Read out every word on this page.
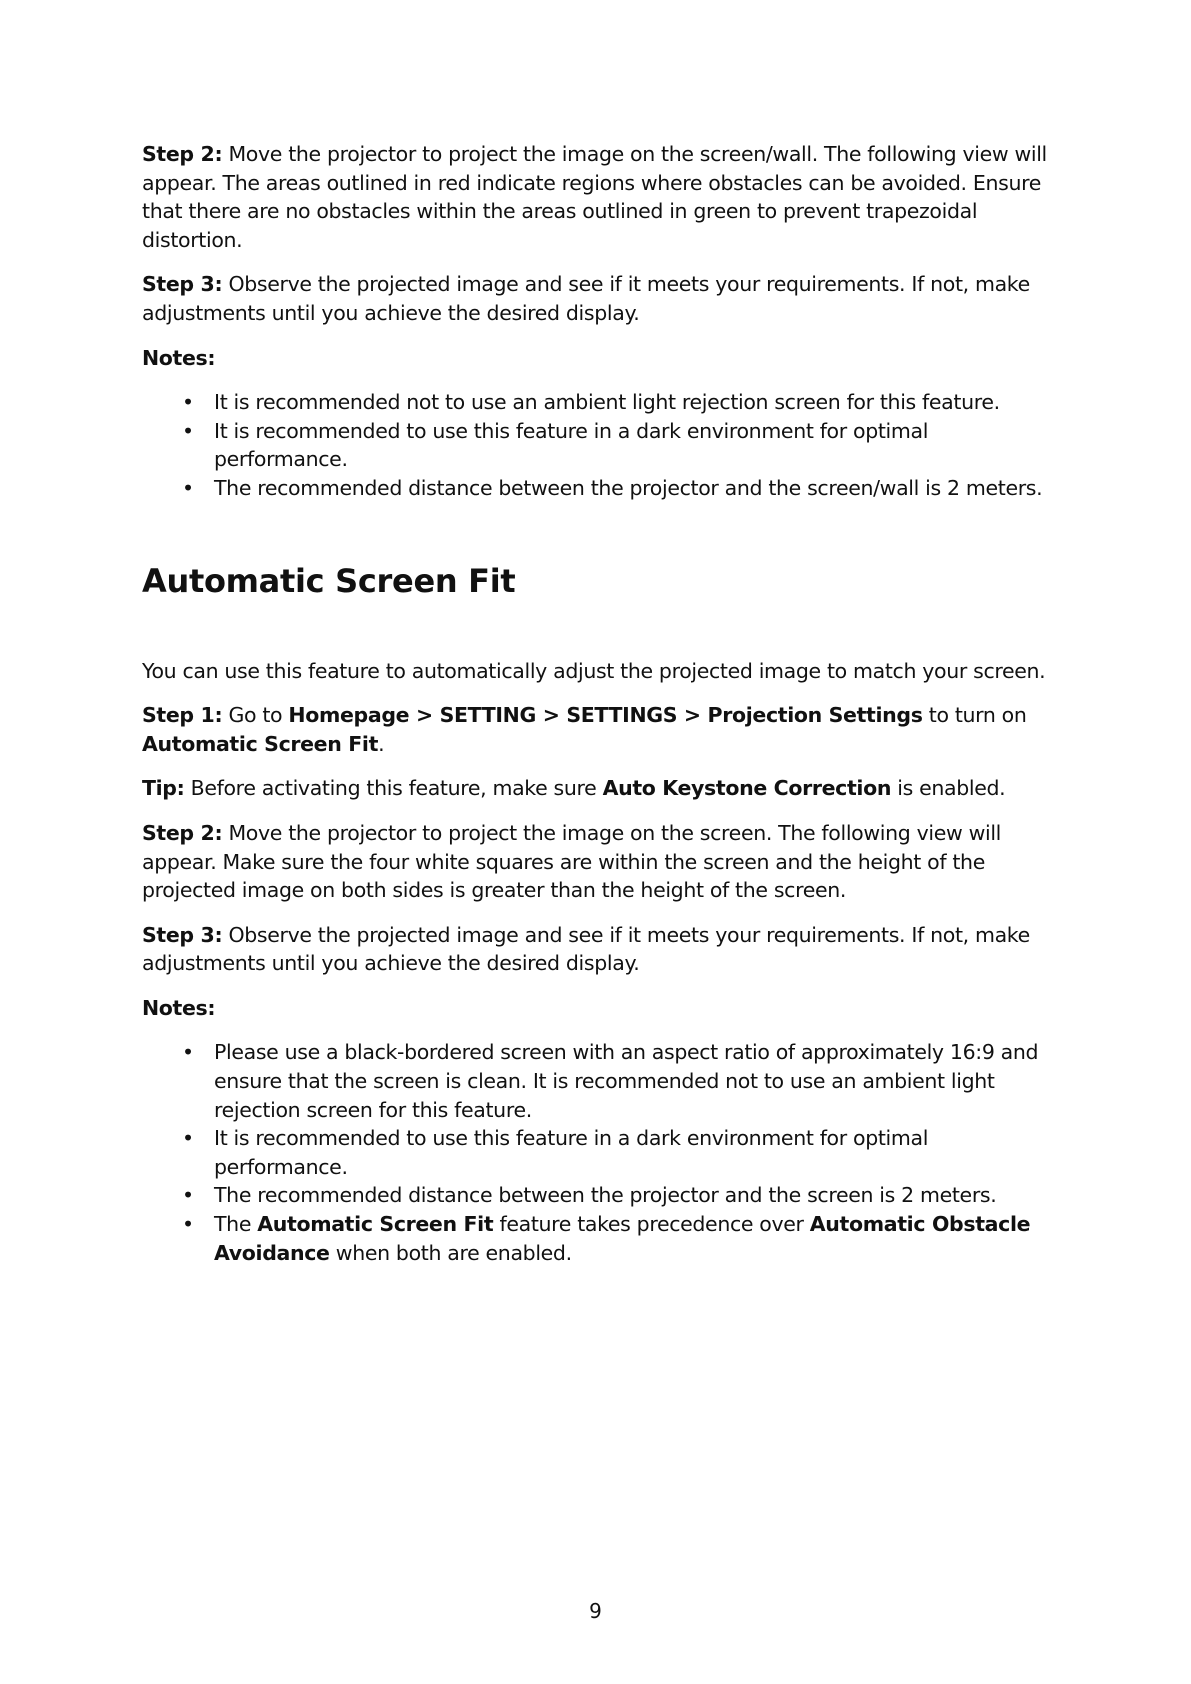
Step 2: Move the projector to project the image on the screen/wall. The following view will appear. The areas outlined in red indicate regions where obstacles can be avoided. Ensure that there are no obstacles within the areas outlined in green to prevent trapezoidal distortion.

Step 3: Observe the projected image and see if it meets your requirements. If not, make adjustments until you achieve the desired display.

Notes:

• It is recommended not to use an ambient light rejection screen for this feature.
• It is recommended to use this feature in a dark environment for optimal performance.
• The recommended distance between the projector and the screen/wall is 2 meters.
Automatic Screen Fit

You can use this feature to automatically adjust the projected image to match your screen.

Step 1: Go to Homepage > SETTING > SETTINGS > Projection Settings to turn on Automatic Screen Fit.

Tip: Before activating this feature, make sure Auto Keystone Correction is enabled.

Step 2: Move the projector to project the image on the screen. The following view will appear. Make sure the four white squares are within the screen and the height of the projected image on both sides is greater than the height of the screen.

Step 3: Observe the projected image and see if it meets your requirements. If not, make adjustments until you achieve the desired display.

Notes:

• Please use a black-bordered screen with an aspect ratio of approximately 16:9 and ensure that the screen is clean. It is recommended not to use an ambient light rejection screen for this feature.
• It is recommended to use this feature in a dark environment for optimal performance.
• The recommended distance between the projector and the screen is 2 meters.
• The Automatic Screen Fit feature takes precedence over Automatic Obstacle Avoidance when both are enabled.
9
